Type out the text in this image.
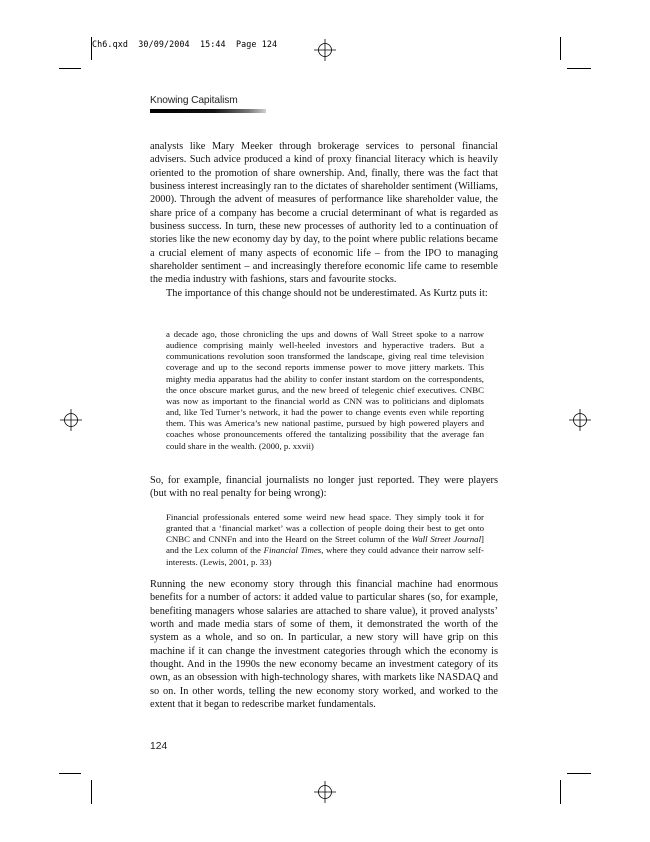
Ch6.qxd  30/09/2004  15:44  Page 124
Knowing Capitalism

analysts like Mary Meeker through brokerage services to personal financial advisers. Such advice produced a kind of proxy financial literacy which is heavily oriented to the promotion of share ownership. And, finally, there was the fact that business interest increasingly ran to the dictates of shareholder sentiment (Williams, 2000). Through the advent of measures of performance like shareholder value, the share price of a company has become a crucial determinant of what is regarded as business success. In turn, these new processes of authority led to a continuation of stories like the new economy day by day, to the point where public relations became a crucial element of many aspects of economic life – from the IPO to managing shareholder sentiment – and increasingly therefore economic life came to resemble the media industry with fashions, stars and favourite stocks.

The importance of this change should not be underestimated. As Kurtz puts it:

a decade ago, those chronicling the ups and downs of Wall Street spoke to a narrow audience comprising mainly well-heeled investors and hyperactive traders. But a communications revolution soon transformed the landscape, giving real time television coverage and up to the second reports immense power to move jittery markets. This mighty media apparatus had the ability to confer instant stardom on the correspondents, the once obscure market gurus, and the new breed of telegenic chief executives. CNBC was now as important to the financial world as CNN was to politicians and diplomats and, like Ted Turner’s network, it had the power to change events even while reporting them. This was America’s new national pastime, pursued by high powered players and coaches whose pronouncements offered the tantalizing possibility that the average fan could share in the wealth. (2000, p. xxvii)

So, for example, financial journalists no longer just reported. They were players (but with no real penalty for being wrong):

Financial professionals entered some weird new head space. They simply took it for granted that a ‘financial market’ was a collection of people doing their best to get onto CNBC and CNNFn and into the Heard on the Street column of the Wall Street Journal] and the Lex column of the Financial Times, where they could advance their narrow self-interests. (Lewis, 2001, p. 33)

Running the new economy story through this financial machine had enormous benefits for a number of actors: it added value to particular shares (so, for example, benefiting managers whose salaries are attached to share value), it proved analysts’ worth and made media stars of some of them, it demonstrated the worth of the system as a whole, and so on. In particular, a new story will have grip on this machine if it can change the investment categories through which the economy is thought. And in the 1990s the new economy became an investment category of its own, as an obsession with high-technology shares, with markets like NASDAQ and so on. In other words, telling the new economy story worked, and worked to the extent that it began to redescribe market fundamentals.

124
